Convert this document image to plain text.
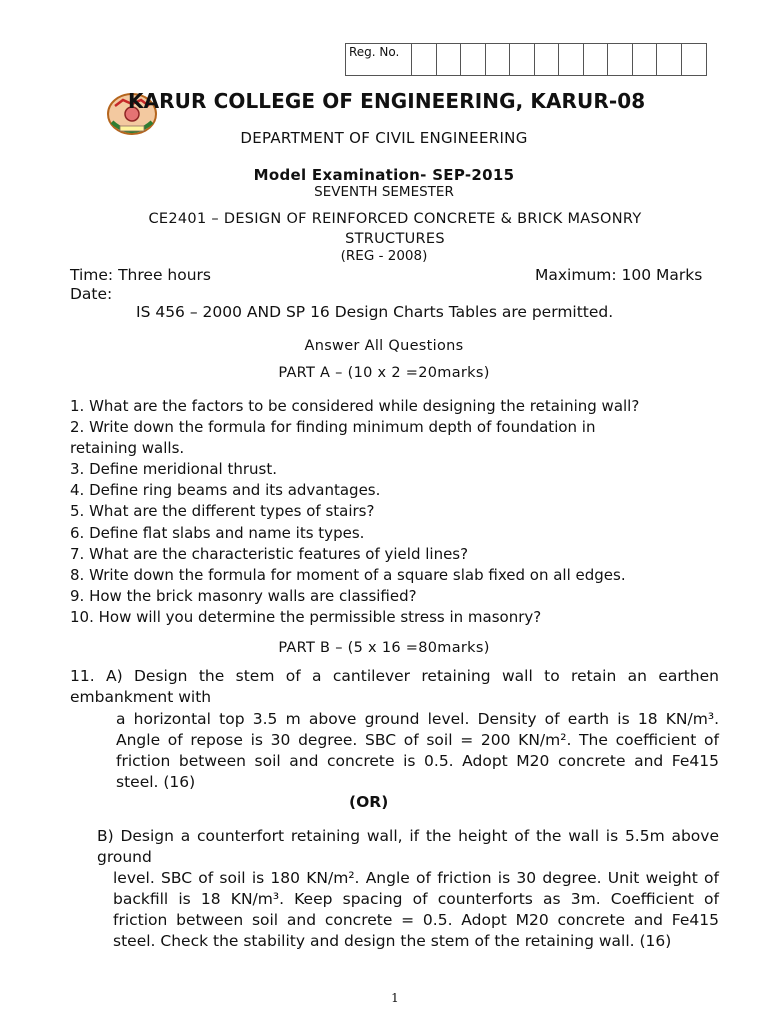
Reg. No.
KARUR COLLEGE OF ENGINEERING, KARUR-08
DEPARTMENT OF CIVIL ENGINEERING
Model Examination- SEP-2015
SEVENTH SEMESTER
CE2401 – DESIGN OF REINFORCED CONCRETE & BRICK MASONRY STRUCTURES
(REG - 2008)
Time: Three hours	Maximum: 100 Marks
Date:
IS 456 – 2000 AND SP 16 Design Charts Tables are permitted.
Answer All Questions
PART A – (10 x 2 =20marks)
1. What are the factors to be considered while designing the retaining wall?
2. Write down the formula for finding minimum depth of foundation in
retaining walls.
3. Define meridional thrust.
4. Define ring beams and its advantages.
5. What are the different types of stairs?
6. Define flat slabs and name its types.
7. What are the characteristic features of yield lines?
8. Write down the formula for moment of a square slab fixed on all edges.
9. How the brick masonry walls are classified?
10. How will you determine the permissible stress in masonry?
PART B – (5 x 16 =80marks)
11. A) Design the stem of a cantilever retaining wall to retain an earthen embankment with
a horizontal top 3.5 m above ground level. Density of earth is 18 KN/m³. Angle of repose is 30 degree. SBC of soil = 200 KN/m². The coefficient of friction between soil and concrete is 0.5. Adopt M20 concrete and Fe415 steel. (16)
(OR)
B) Design a counterfort retaining wall, if the height of the wall is 5.5m above ground
level. SBC of soil is 180 KN/m². Angle of friction is 30 degree. Unit weight of backfill is 18 KN/m³. Keep spacing of counterforts as 3m. Coefficient of friction between soil and concrete = 0.5. Adopt M20 concrete and Fe415 steel. Check the stability and design the stem of the retaining wall. (16)
1
